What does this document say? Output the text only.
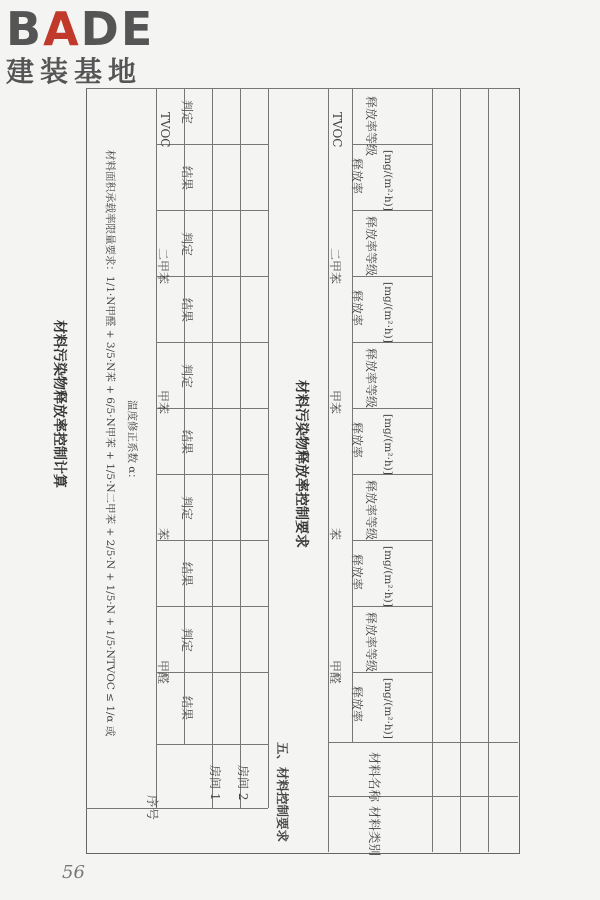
BADE
建装基地
材料污染物释放率控制计算	材料面积承载率限量要求：1/1·N甲醛 + 3/5·N苯 + 6/5·N甲苯 + 1/5·N二甲苯 + 2/5·N + 1/5·N + 1/5·NTVOC ≤ 1/α 或 温度修正系数 α：
序号
TVOC
二甲苯
甲苯
苯
甲醛
判定
结果
判定
结果
判定
结果
判定
结果
判定
结果
房间 1 房间 2 五、材料控制要求
材料污染物释放率控制要求
TVOC
二甲苯
甲苯
苯
甲醛
释放率等级
释放率 [mg/(m²·h)]
释放率等级
释放率 [mg/(m²·h)]
释放率等级
释放率 [mg/(m²·h)]
释放率等级
释放率 [mg/(m²·h)]
释放率等级
释放率 [mg/(m²·h)]
材料名称
材料类别
56
